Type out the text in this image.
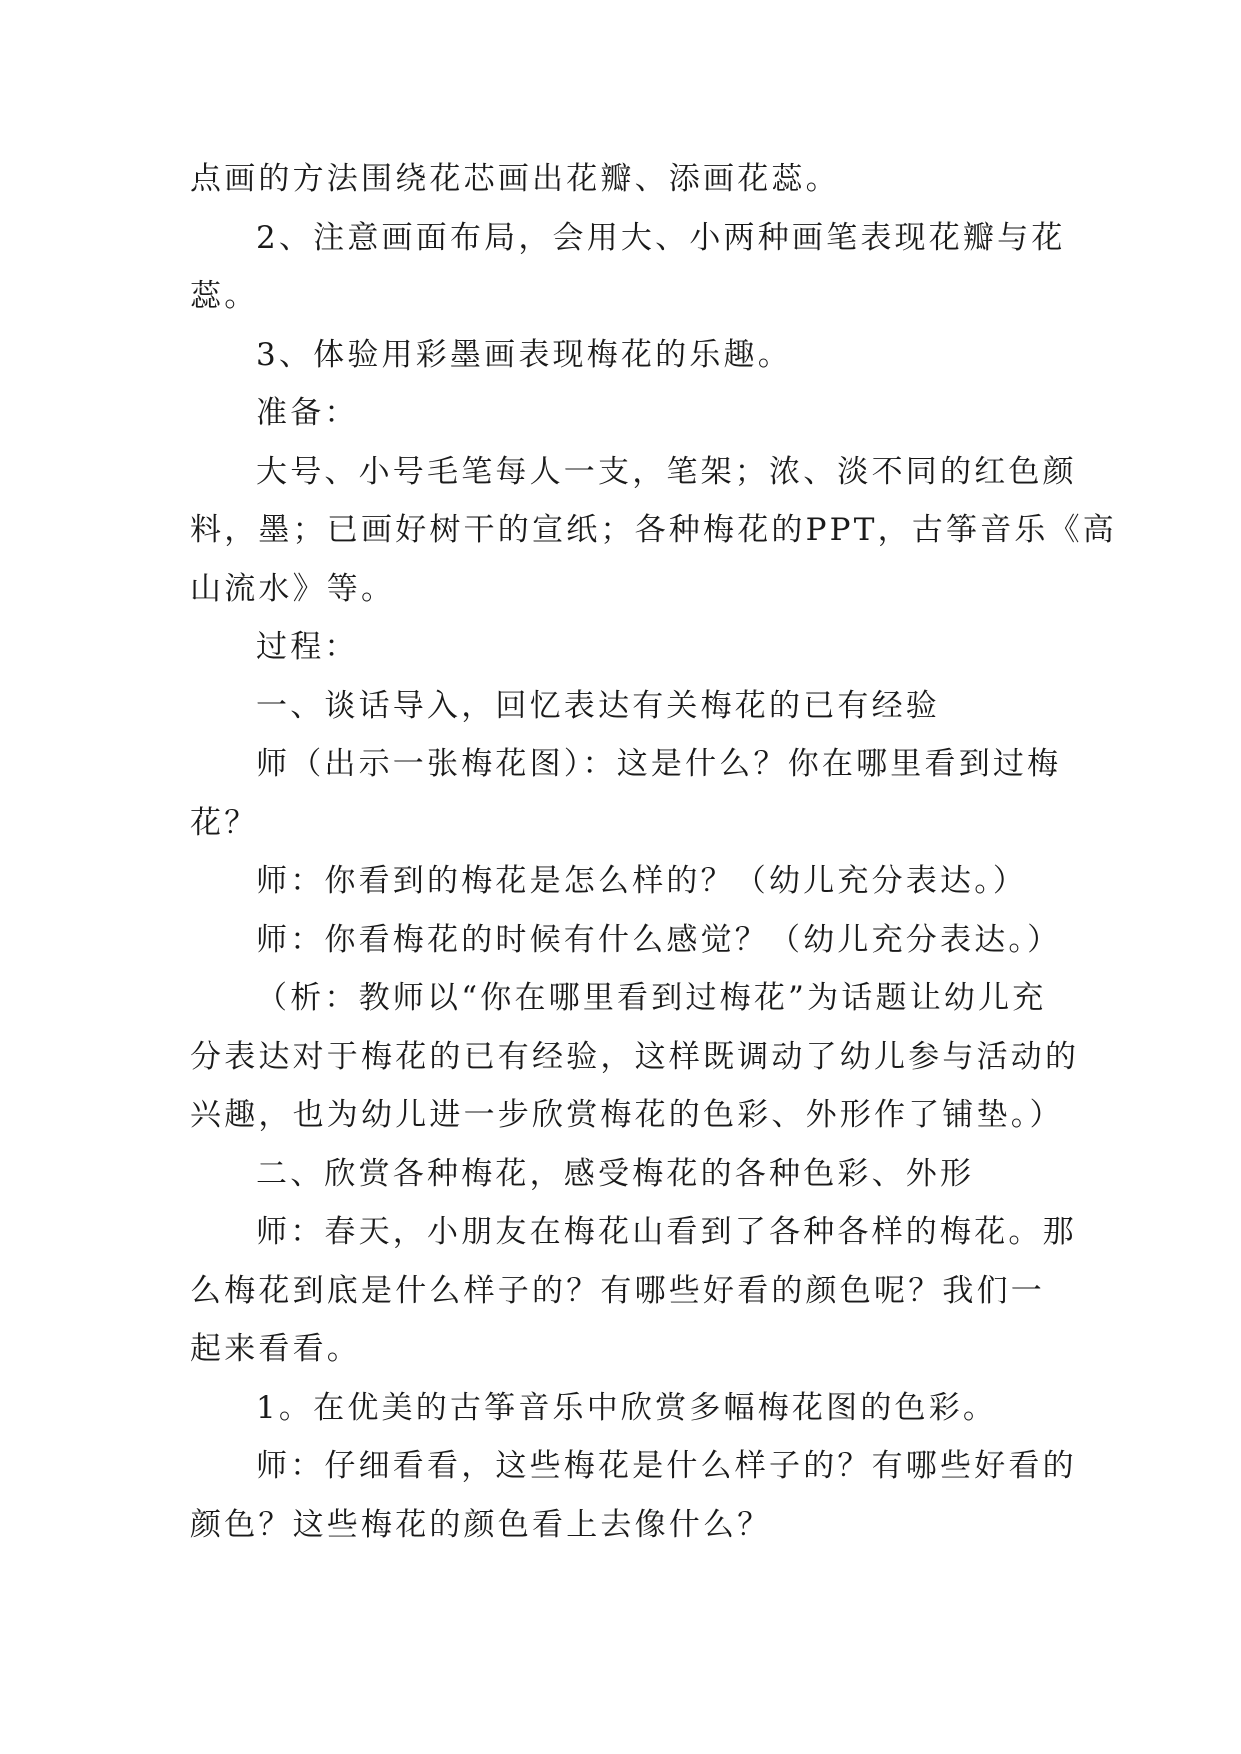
点画的方法围绕花芯画出花瓣、添画花蕊。

2、注意画面布局，会用大、小两种画笔表现花瓣与花

蕊。

3、体验用彩墨画表现梅花的乐趣。

准备：

大号、小号毛笔每人一支，笔架；浓、淡不同的红色颜

料，墨；已画好树干的宣纸；各种梅花的PPT，古筝音乐《高

山流水》等。

过程：

一、谈话导入，回忆表达有关梅花的已有经验

师（出示一张梅花图）：这是什么？你在哪里看到过梅

花？

师：你看到的梅花是怎么样的？（幼儿充分表达。）

师：你看梅花的时候有什么感觉？（幼儿充分表达。）

（析：教师以“你在哪里看到过梅花”为话题让幼儿充

分表达对于梅花的已有经验，这样既调动了幼儿参与活动的

兴趣，也为幼儿进一步欣赏梅花的色彩、外形作了铺垫。）

二、欣赏各种梅花，感受梅花的各种色彩、外形

师：春天，小朋友在梅花山看到了各种各样的梅花。那

么梅花到底是什么样子的？有哪些好看的颜色呢？我们一

起来看看。

1。在优美的古筝音乐中欣赏多幅梅花图的色彩。

师：仔细看看，这些梅花是什么样子的？有哪些好看的

颜色？这些梅花的颜色看上去像什么？
